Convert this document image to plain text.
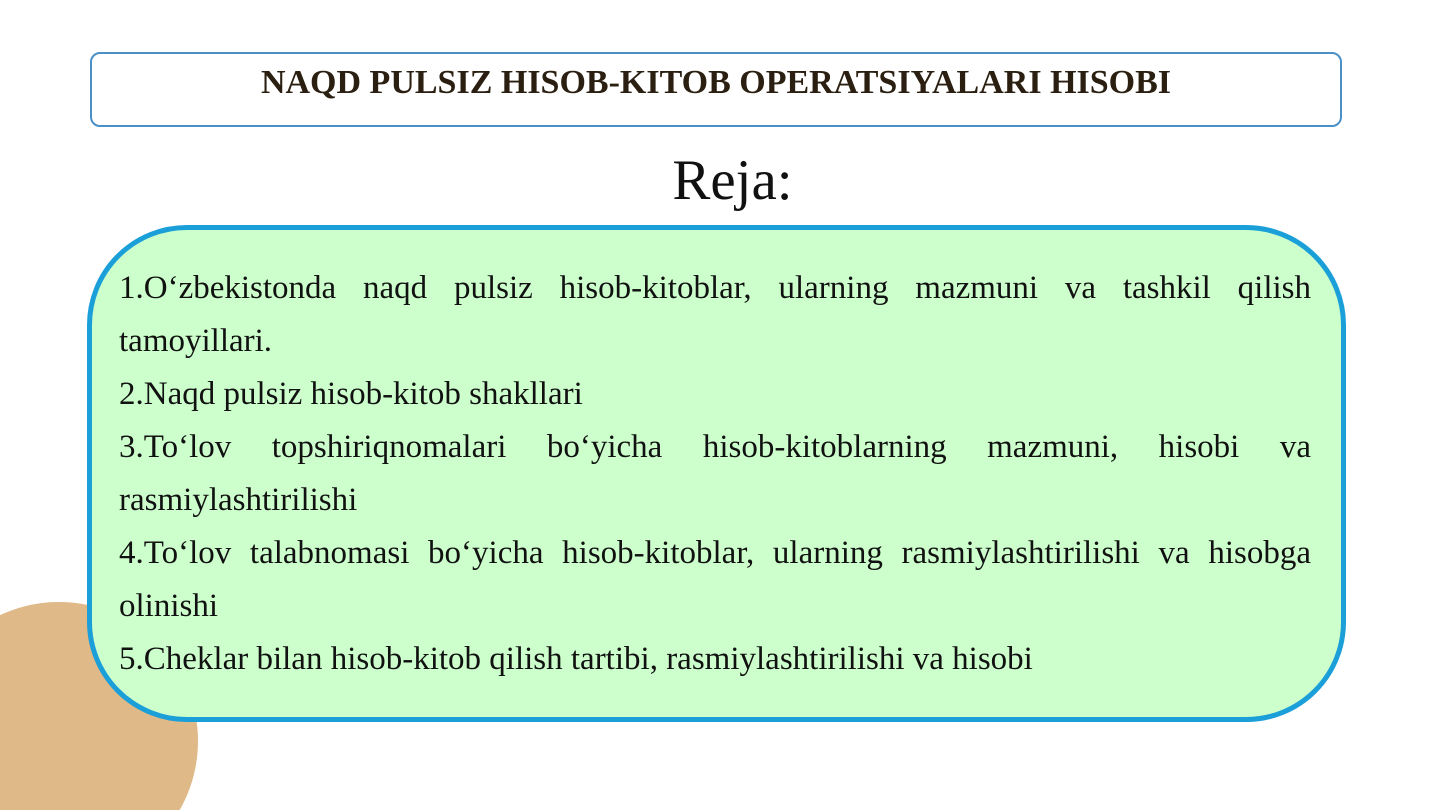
NAQD PULSIZ HISOB-KITOB OPERATSIYALARI HISOBI
Reja:
1.O‘zbekistonda naqd pulsiz hisob-kitoblar, ularning mazmuni va tashkil qilish tamoyillari.
2.Naqd pulsiz hisob-kitob shakllari
3.To‘lov topshiriqnomalari bo‘yicha hisob-kitoblarning mazmuni, hisobi va rasmiylashtirilishi
4.To‘lov talabnomasi bo‘yicha hisob-kitoblar, ularning rasmiylashtirilishi va hisobga olinishi
5.Cheklar bilan hisob-kitob qilish tartibi, rasmiylashtirilishi va hisobi
